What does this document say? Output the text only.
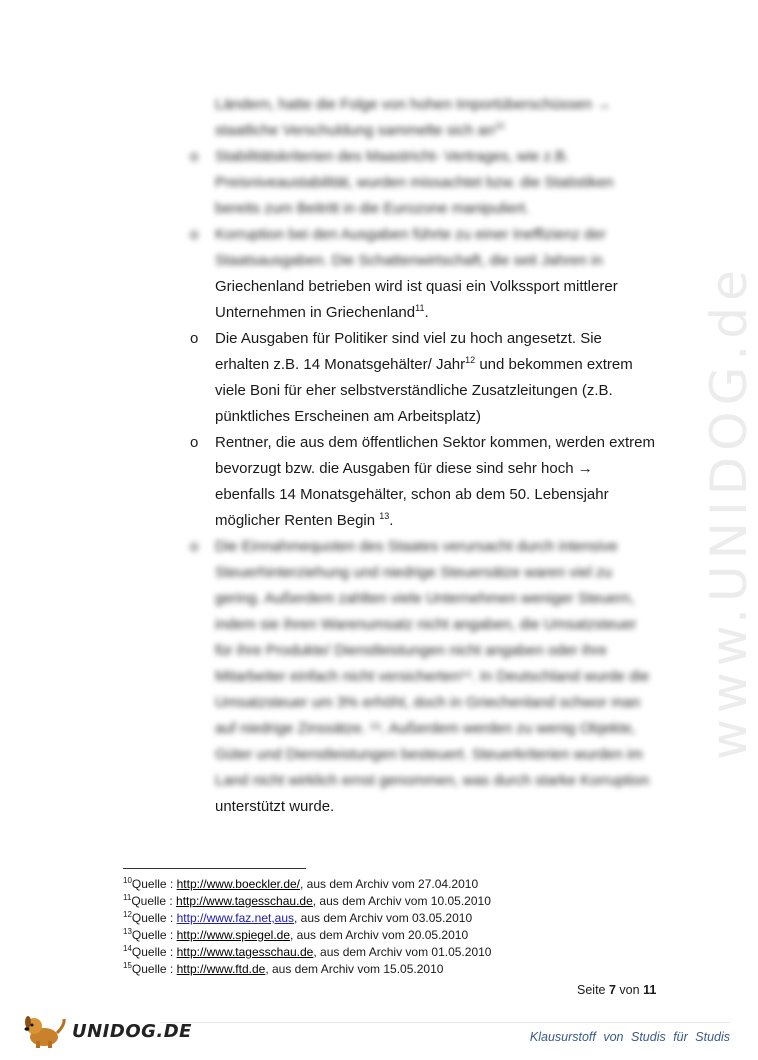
www.UNIDOG.de
Ländern, hatte die Folge von hohen Importüberschüssen →
staatliche Verschuldung sammelte sich $an^{10}$
o	Stabilitätskriterien des Maastricht- Vertrages, wie z.B.
Preisniveaustabilität, wurden missachtet bzw. die Statistiken
bereits zum Beitritt in die Eurozone manipuliert.
o	Korruption bei den Ausgaben führte zu einer Ineffizienz der
Staatsausgaben. Die Schattenwirtschaft, die seit Jahren in
Griechenland betrieben wird ist quasi ein Volkssport mittlerer
Unternehmen in Griechenland$^{11}$.
o	Die Ausgaben für Politiker sind viel zu hoch angesetzt. Sie
erhalten z.B. 14 Monatsgehälter/ Jahr$^{12}$ und bekommen extrem
viele Boni für eher selbstverständliche Zusatzleitungen (z.B.
pünktliches Erscheinen am Arbeitsplatz)
o	Rentner, die aus dem öffentlichen Sektor kommen, werden extrem
bevorzugt bzw. die Ausgaben für diese sind sehr hoch →
ebenfalls 14 Monatsgehälter, schon ab dem 50. Lebensjahr
möglicher Renten Begin $^{13}$.
o	Die Einnahmequoten des Staates verursacht durch intensive
Steuerhinterziehung und niedrige Steuersätze waren viel zu
gering. Außerdem zahlten viele Unternehmen weniger Steuern,
indem sie ihren Warenumsatz nicht angaben, die Umsatzsteuer
für ihre Produkte/ Dienstleistungen nicht angaben oder ihre
Mitarbeiter einfach nicht versicherten¹⁴. In Deutschland wurde die
Umsatzsteuer um 3% erhöht, doch in Griechenland schwor man
auf niedrige Zinssätze. ¹⁵. Außerdem werden zu wenig Objekte,
Güter und Dienstleistungen besteuert. Steuerkriterien wurden im
Land nicht wirklich ernst genommen, was durch starke Korruption
unterstützt wurde.
$^{10}$Quelle : http://www.boeckler.de/, aus dem Archiv vom 27.04.2010
$^{11}$Quelle : http://www.tagesschau.de, aus dem Archiv vom 10.05.2010
$^{12}$Quelle : http://www.faz.net,aus, aus dem Archiv vom 03.05.2010
$^{13}$Quelle : http://www.spiegel.de, aus dem Archiv vom 20.05.2010
$^{14}$Quelle : http://www.tagesschau.de, aus dem Archiv vom 01.05.2010
$^{15}$Quelle : http://www.ftd.de, aus dem Archiv vom 15.05.2010
Seite 7 von 11
UNIDOG.DE	Klausurstoff von Studis für Studis
